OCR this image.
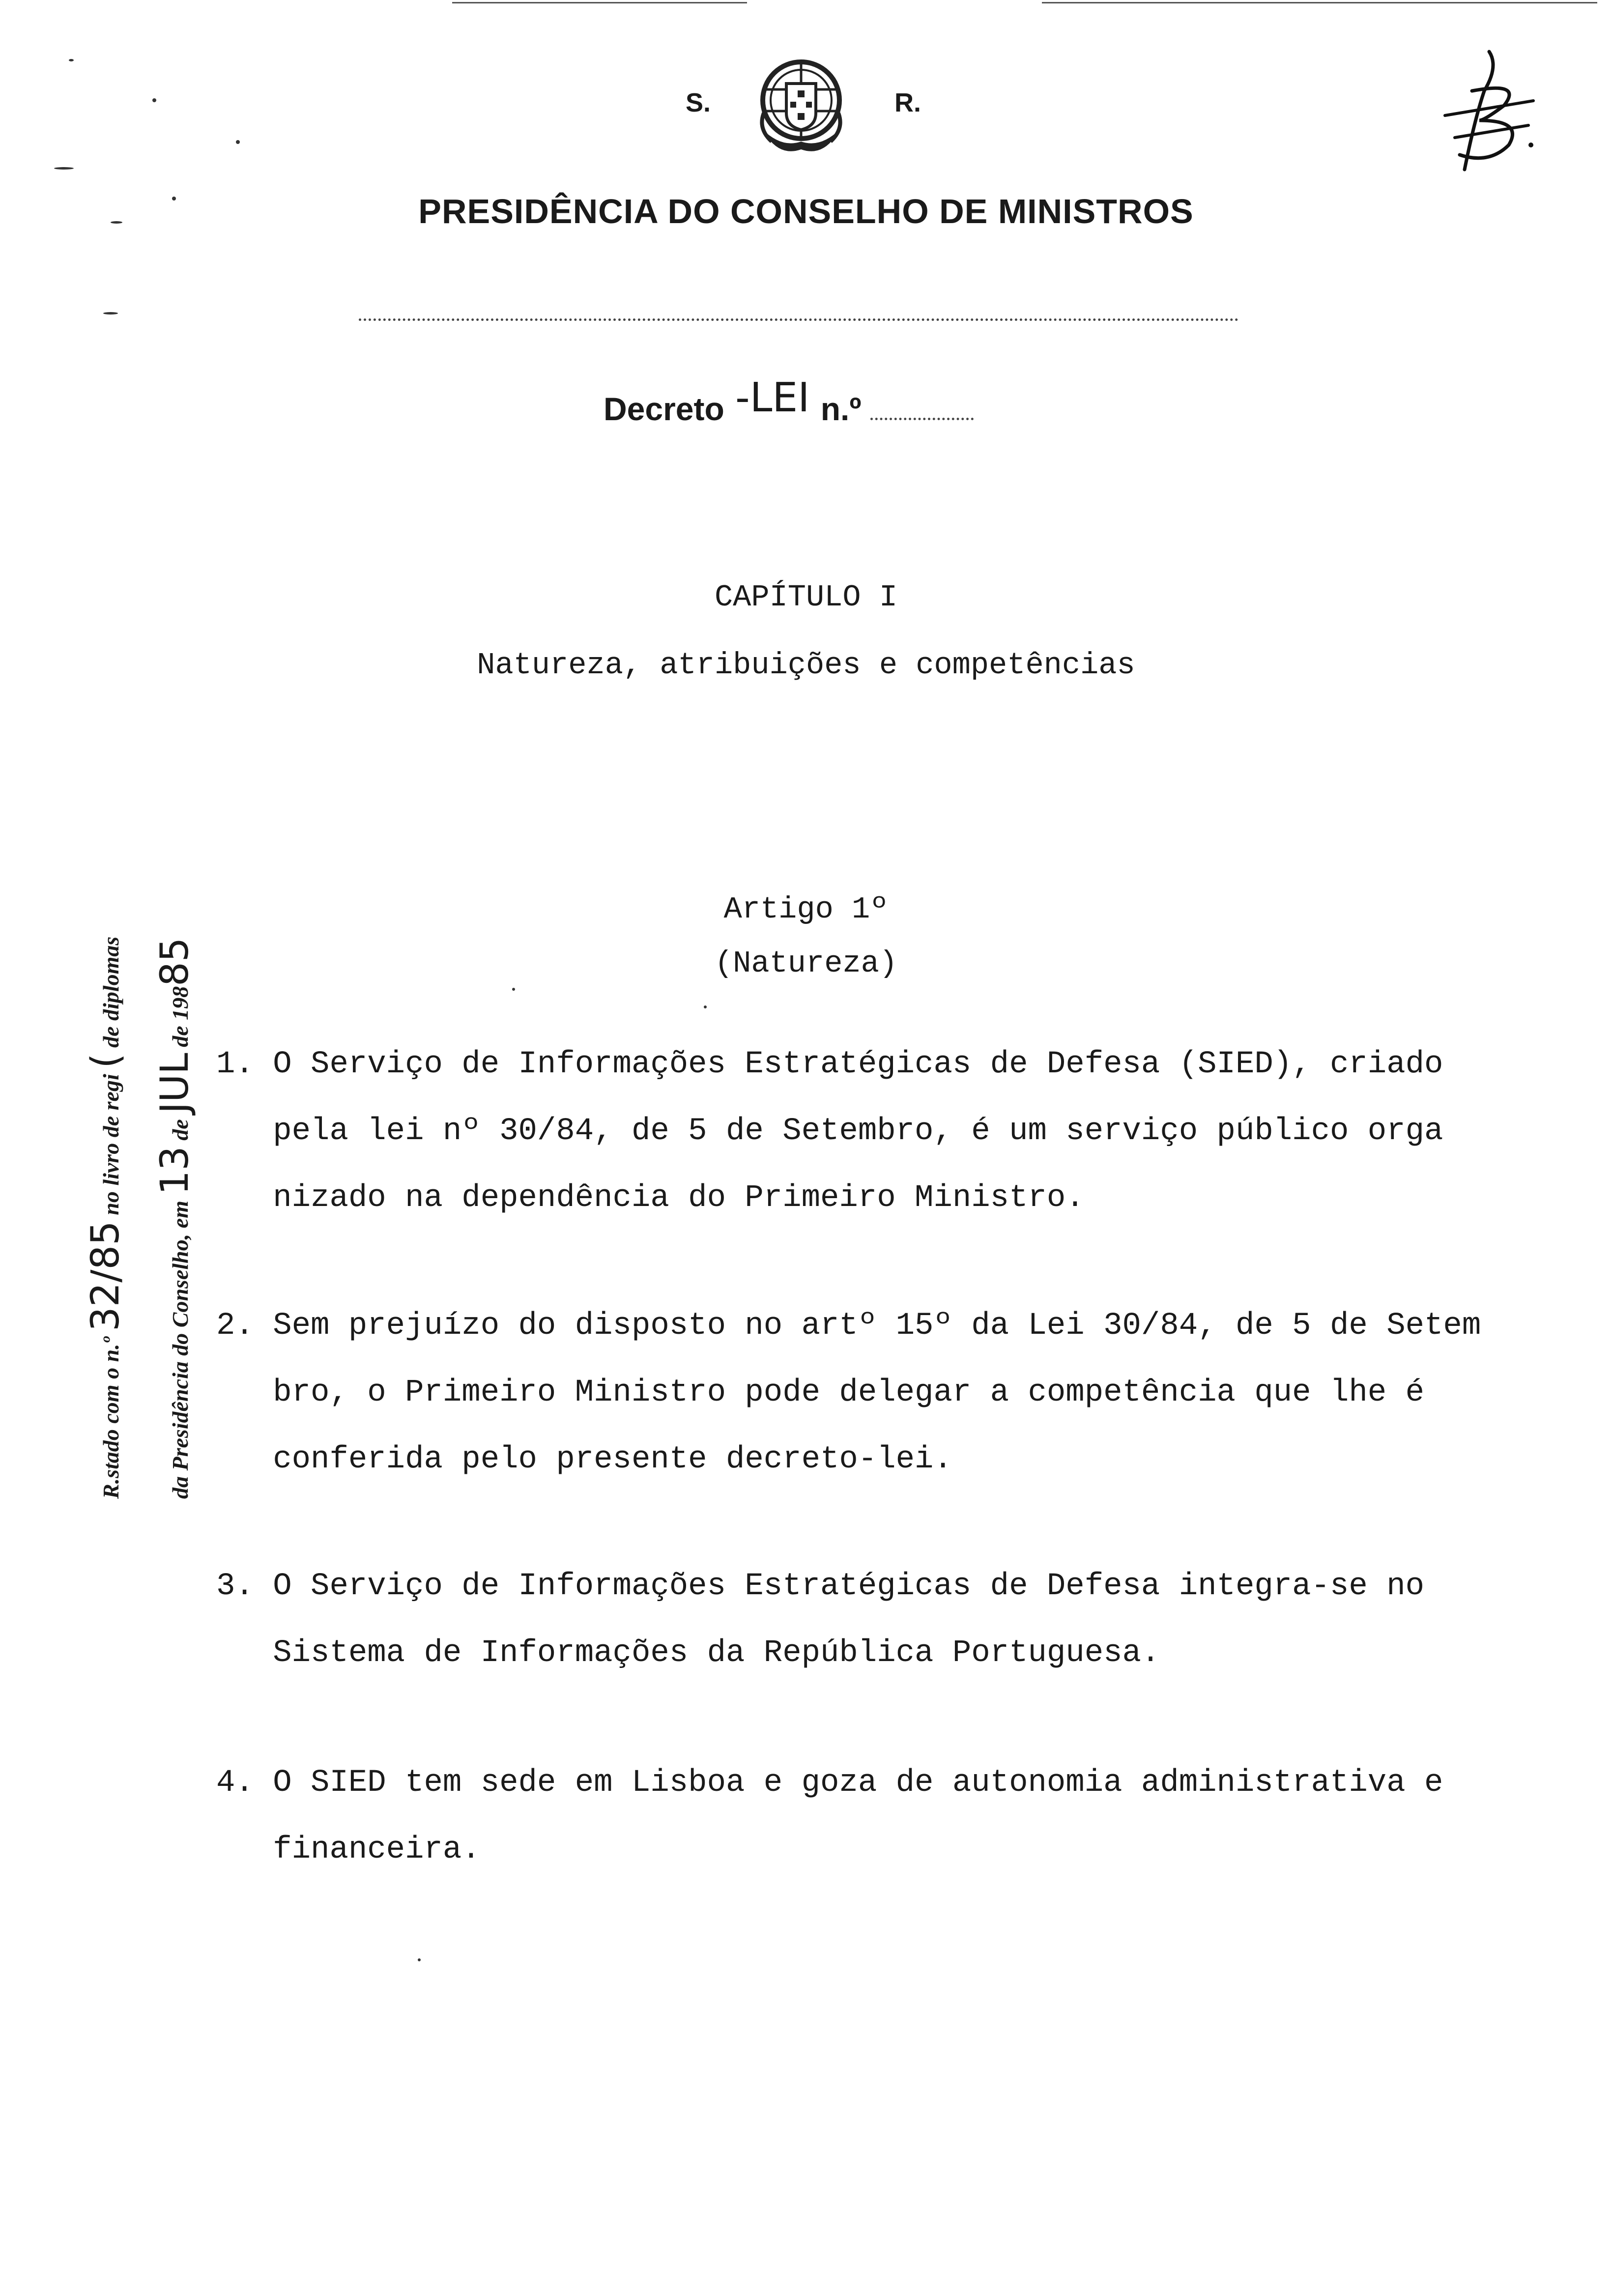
S.	R.
PRESIDÊNCIA DO CONSELHO DE MINISTROS
Decreto -LEI n.º
CAPÍTULO I
Natureza, atribuições e competências
Artigo 1º
(Natureza)
1. O Serviço de Informações Estratégicas de Defesa (SIED), criado
pela lei nº 30/84, de 5 de Setembro, é um serviço público orga
nizado na dependência do Primeiro Ministro.
2. Sem prejuízo do disposto no artº 15º da Lei 30/84, de 5 de Setem
bro, o Primeiro Ministro pode delegar a competência que lhe é
conferida pelo presente decreto-lei.
3. O Serviço de Informações Estratégicas de Defesa integra-se no
Sistema de Informações da República Portuguesa.
4. O SIED tem sede em Lisboa e goza de autonomia administrativa e
financeira.
R.stado com o n.º 32/85 no livro de regi ( de diplomas
da Presidência do Conselho, em 13 de JUL de 19885
